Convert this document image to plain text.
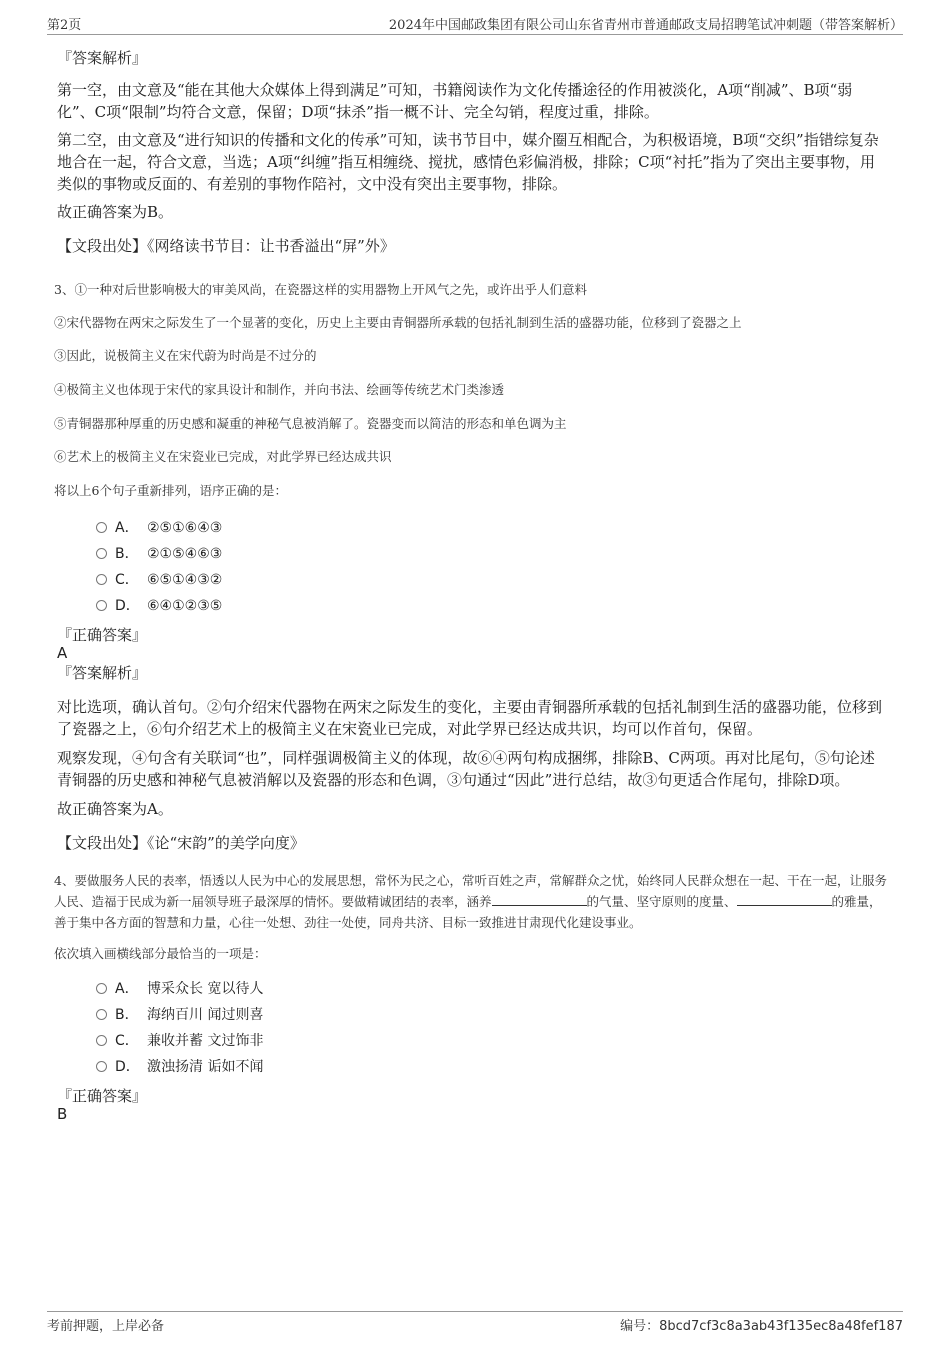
第2页	2024年中国邮政集团有限公司山东省青州市普通邮政支局招聘笔试冲刺题（带答案解析）
『答案解析』
第一空，由文意及“能在其他大众媒体上得到满足”可知，书籍阅读作为文化传播途径的作用被淡化，A项“削减”、B项“弱化”、C项“限制”均符合文意，保留；D项“抹杀”指一概不计、完全勾销，程度过重，排除。
第二空，由文意及“进行知识的传播和文化的传承”可知，读书节目中，媒介圈互相配合，为积极语境，B项“交织”指错综复杂地合在一起，符合文意，当选；A项“纠缠”指互相缠绕、搅扰，感情色彩偏消极，排除；C项“衬托”指为了突出主要事物，用类似的事物或反面的、有差别的事物作陪衬，文中没有突出主要事物，排除。
故正确答案为B。
【文段出处】《网络读书节目：让书香溢出“屏”外》
3、①一种对后世影响极大的审美风尚，在瓷器这样的实用器物上开风气之先，或许出乎人们意料
②宋代器物在两宋之际发生了一个显著的变化，历史上主要由青铜器所承载的包括礼制到生活的盛器功能，位移到了瓷器之上
③因此，说极简主义在宋代蔚为时尚是不过分的
④极简主义也体现于宋代的家具设计和制作，并向书法、绘画等传统艺术门类渗透
⑤青铜器那种厚重的历史感和凝重的神秘气息被消解了。瓷器变而以简洁的形态和单色调为主
⑥艺术上的极简主义在宋瓷业已完成，对此学界已经达成共识
将以上6个句子重新排列，语序正确的是：
A． ②⑤①⑥④③
B． ②①⑤④⑥③
C． ⑥⑤①④③②
D． ⑥④①②③⑤
『正确答案』
A
『答案解析』
对比选项，确认首句。②句介绍宋代器物在两宋之际发生的变化，主要由青铜器所承载的包括礼制到生活的盛器功能，位移到了瓷器之上，⑥句介绍艺术上的极简主义在宋瓷业已完成，对此学界已经达成共识，均可以作首句，保留。
观察发现，④句含有关联词“也”，同样强调极简主义的体现，故⑥④两句构成捆绑，排除B、C两项。再对比尾句，⑤句论述青铜器的历史感和神秘气息被消解以及瓷器的形态和色调，③句通过“因此”进行总结，故③句更适合作尾句，排除D项。
故正确答案为A。
【文段出处】《论“宋韵”的美学向度》
4、要做服务人民的表率，悟透以人民为中心的发展思想，常怀为民之心，常听百姓之声，常解群众之忧，始终同人民群众想在一起、干在一起，让服务人民、造福于民成为新一届领导班子最深厚的情怀。要做精诚团结的表率，涵养	的气量、坚守原则的度量、	的雅量，善于集中各方面的智慧和力量，心往一处想、劲往一处使，同舟共济、目标一致推进甘肃现代化建设事业。
依次填入画横线部分最恰当的一项是：
A． 博采众长 宽以待人
B． 海纳百川 闻过则喜
C． 兼收并蓄 文过饰非
D． 激浊扬清 诟如不闻
『正确答案』
B
考前押题，上岸必备	编号：8bcd7cf3c8a3ab43f135ec8a48fef187
